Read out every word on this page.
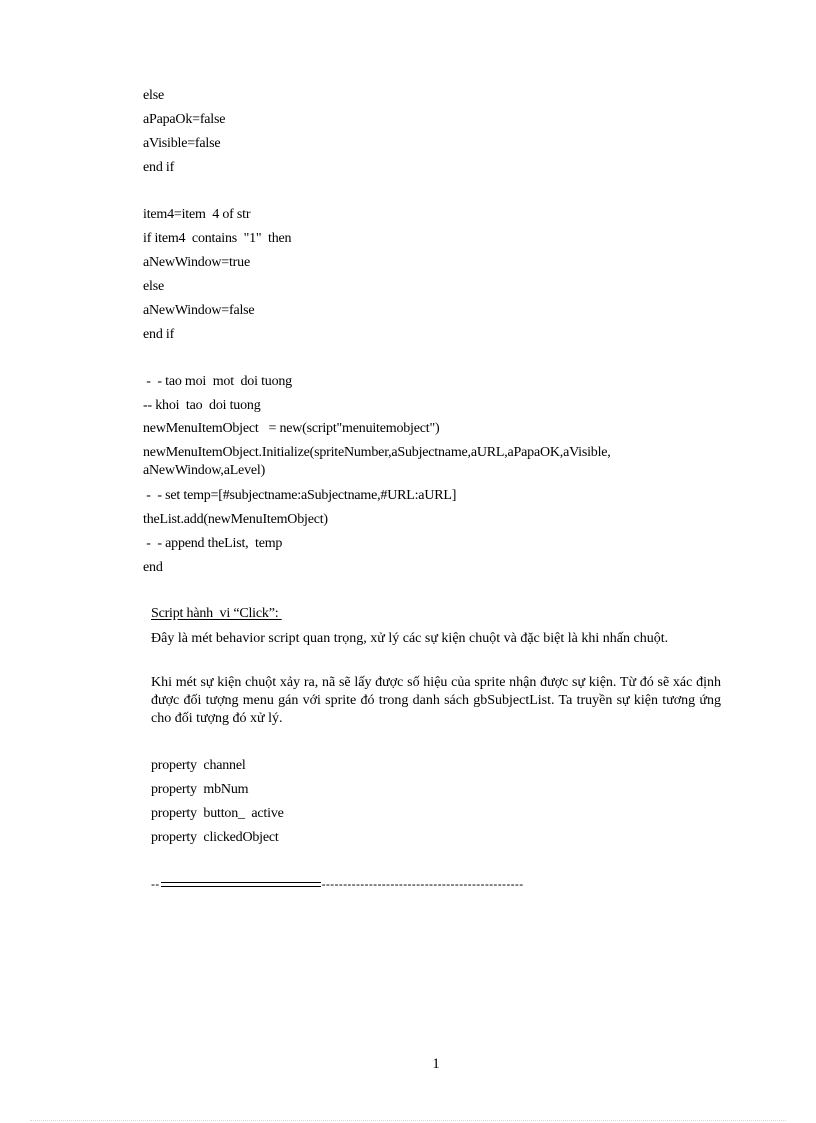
else
aPapaOk=false
aVisible=false
end if
item4=item  4 of str
if item4  contains  "1"  then
aNewWindow=true
else
aNewWindow=false
end if
-  - tao moi  mot  doi tuong
-- khoi  tao  doi tuong
newMenuItemObject   = new(script"menuitemobject")
newMenuItemObject.Initialize(spriteNumber,aSubjectname,aURL,aPapaOK,aVisible,
aNewWindow,aLevel)
-  - set temp=[#subjectname:aSubjectname,#URL:aURL]
theList.add(newMenuItemObject)
-  - append theList,  temp
end
Script hành  vi “Click”:
Đây là mét behavior script quan trọng, xử lý các sự kiện chuột và đặc biệt là khi nhấn chuột.
Khi mét sự kiện chuột xảy ra, nã sẽ lấy được số hiệu của sprite nhận được sự kiện. Từ đó sẽ xác định được đối tượng menu gán với sprite đó trong danh sách gbSubjectList. Ta truyền sự kiện tương ứng cho đối tượng đó xử lý.
property  channel
property  mbNum
property  button_  active
property  clickedObject
--	-----------------------------------------------
1
